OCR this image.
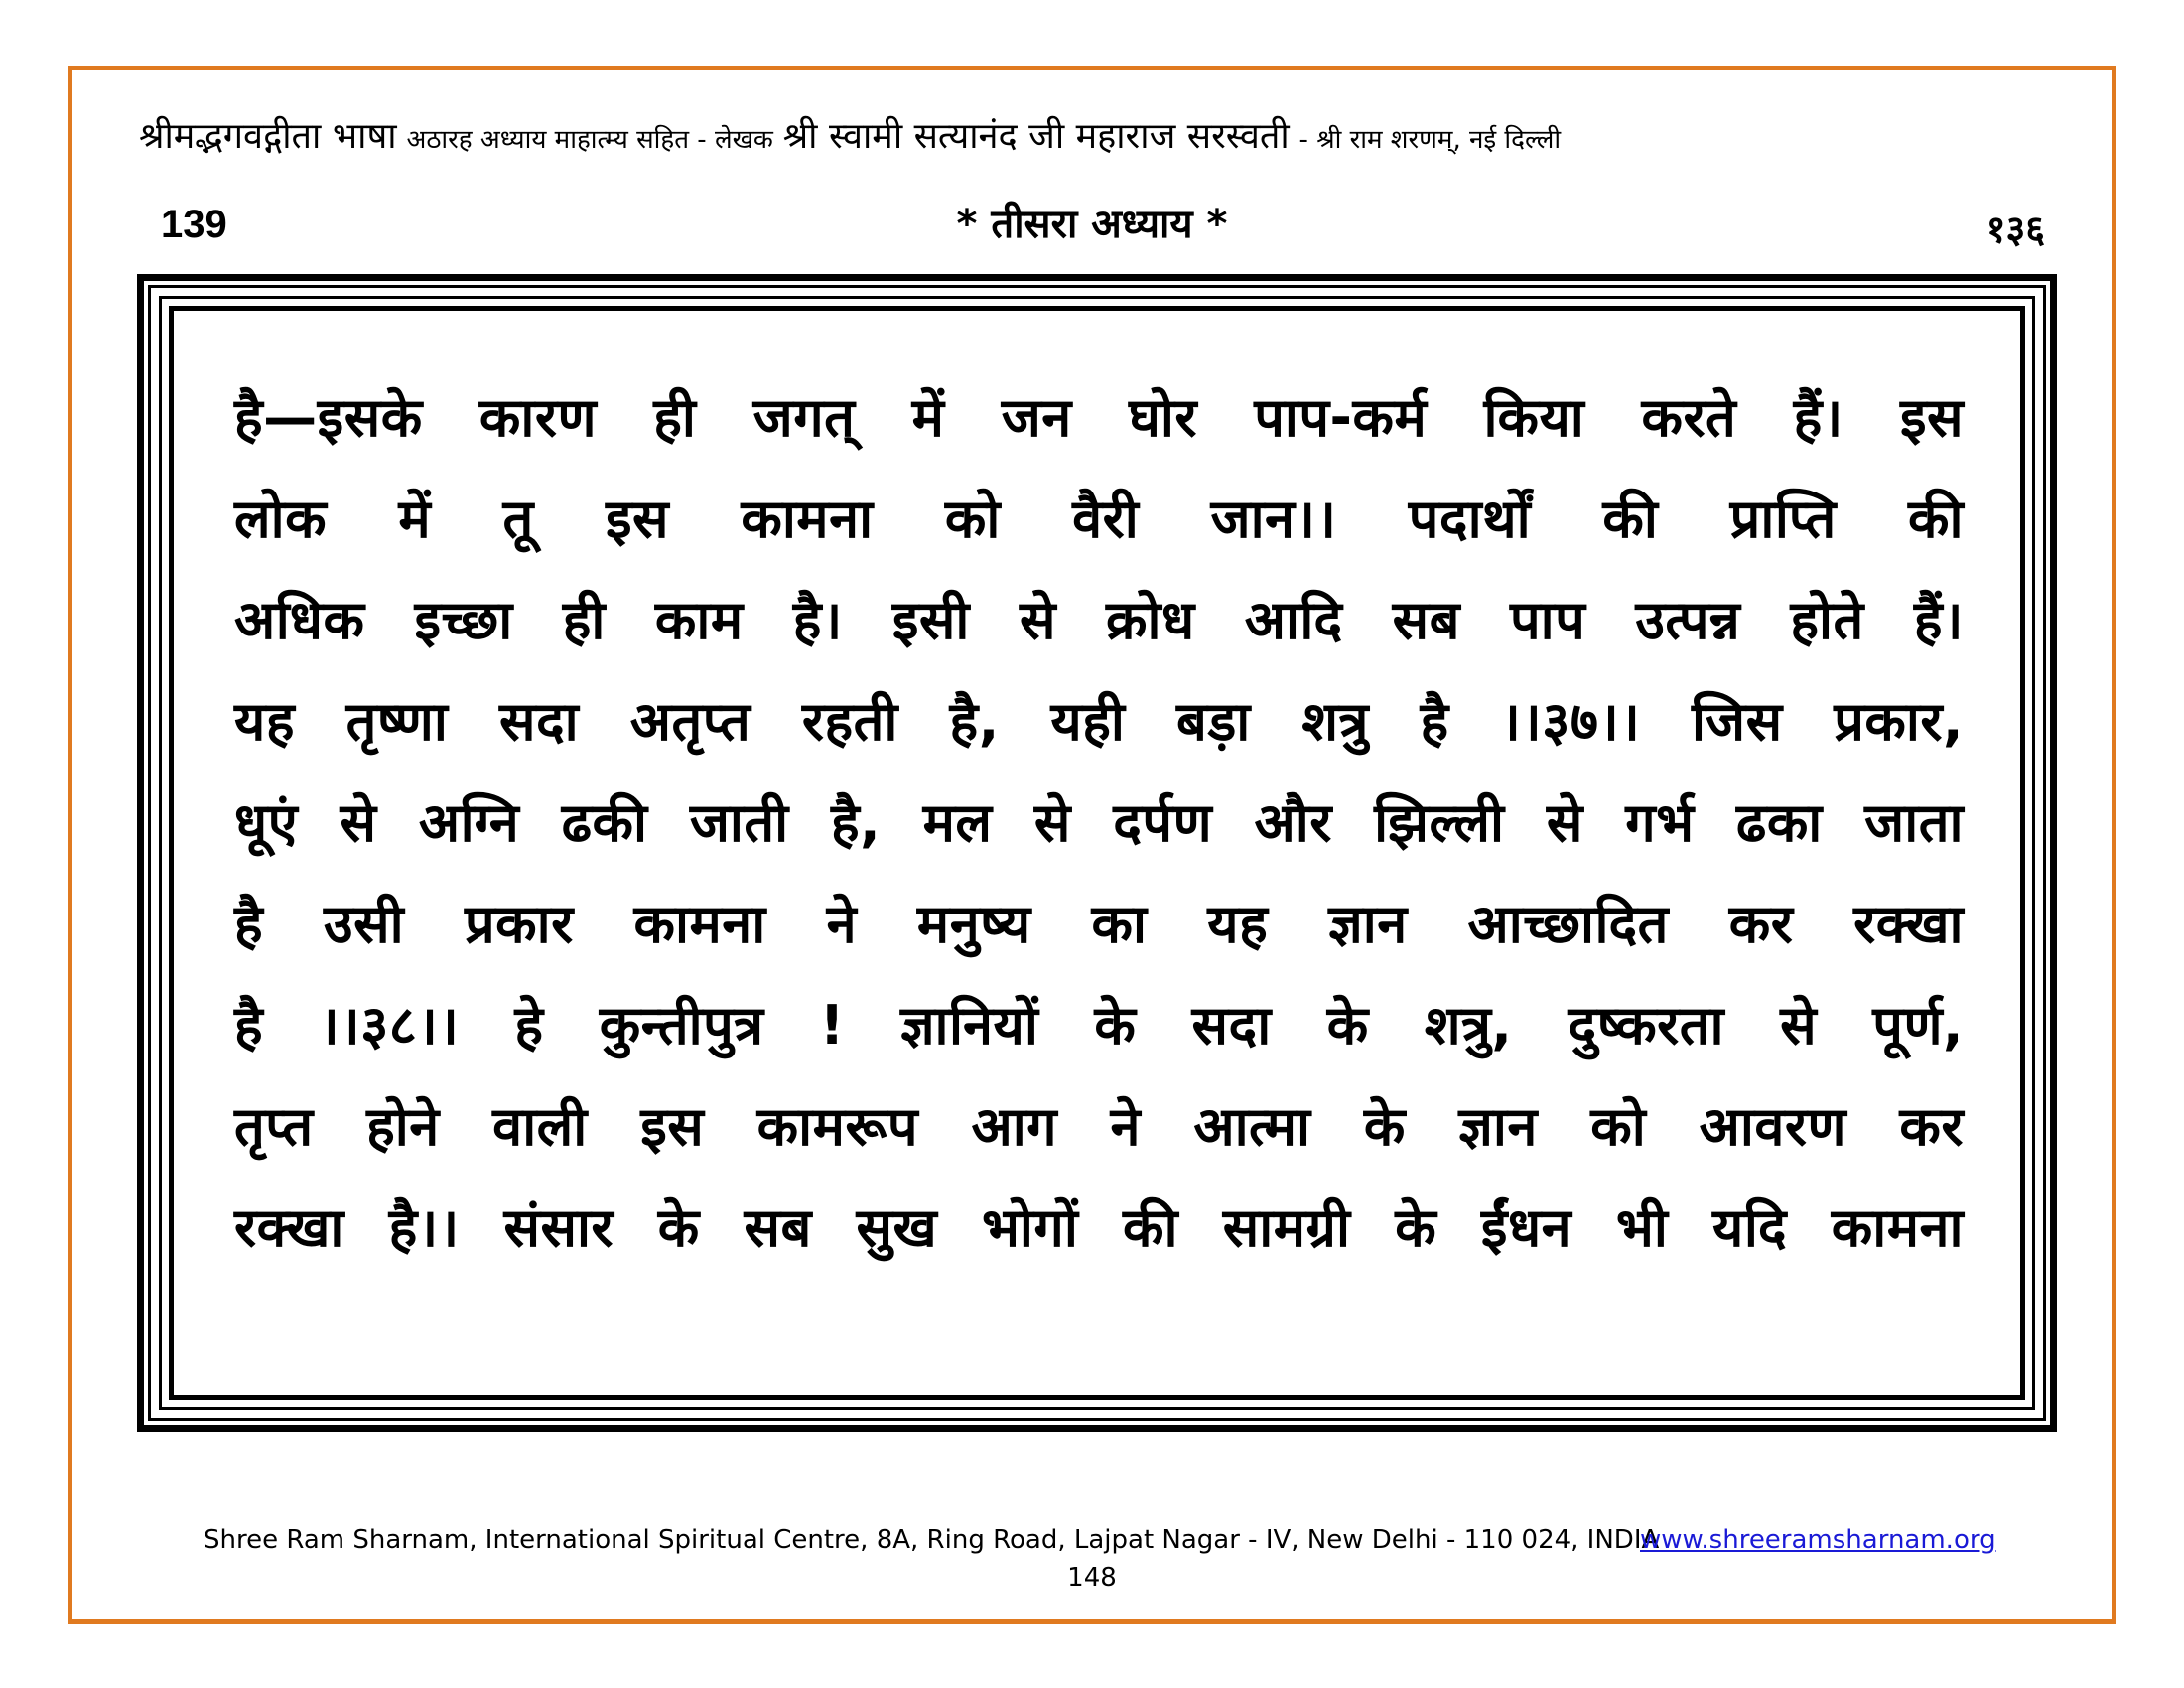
श्रीमद्भगवद्गीता भाषा अठारह अध्याय माहात्म्य सहित - लेखक श्री स्वामी सत्यानंद जी महाराज सरस्वती - श्री राम शरणम्, नई दिल्ली
139	* तीसरा अध्याय *	१३६
है—इसके कारण ही जगत् में जन घोर पाप-कर्म किया करते हैं। इस
लोक में तू इस कामना को वैरी जान।। पदार्थों की प्राप्ति की
अधिक इच्छा ही काम है। इसी से क्रोध आदि सब पाप उत्पन्न होते हैं।
यह तृष्णा सदा अतृप्त रहती है, यही बड़ा शत्रु है ।।३७।। जिस प्रकार,
धूएं से अग्नि ढकी जाती है, मल से दर्पण और झिल्ली से गर्भ ढका जाता
है उसी प्रकार कामना ने मनुष्य का यह ज्ञान आच्छादित कर रक्खा
है ।।३८।। हे कुन्तीपुत्र ! ज्ञानियों के सदा के शत्रु, दुष्करता से पूर्ण,
तृप्त होने वाली इस कामरूप आग ने आत्मा के ज्ञान को आवरण कर
रक्खा है।। संसार के सब सुख भोगों की सामग्री के ईंधन भी यदि कामना
Shree Ram Sharnam, International Spiritual Centre, 8A, Ring Road, Lajpat Nagar - IV, New Delhi - 110 024, INDIA
www.shreeramsharnam.org
148
